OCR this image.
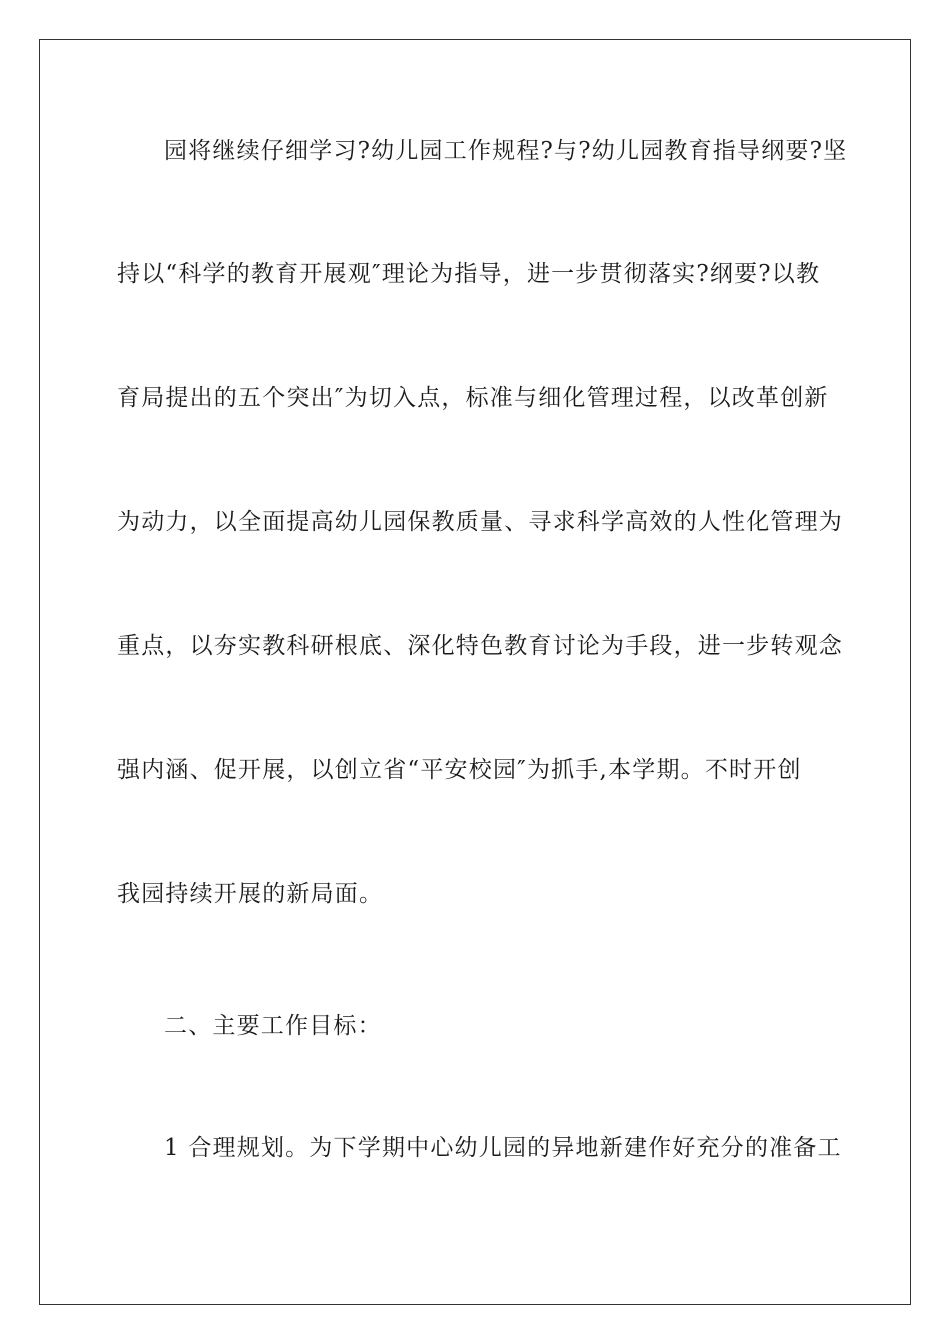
园将继续仔细学习?幼儿园工作规程?与?幼儿园教育指导纲要?坚
持以“科学的教育开展观″理论为指导，进一步贯彻落实?纲要?以教
育局提出的五个突出″为切入点，标准与细化管理过程，以改革创新
为动力，以全面提高幼儿园保教质量、寻求科学高效的人性化管理为
重点，以夯实教科研根底、深化特色教育讨论为手段，进一步转观念
强内涵、促开展，以创立省“平安校园″为抓手,本学期。不时开创
我园持续开展的新局面。
二、主要工作目标：
1 合理规划。为下学期中心幼儿园的异地新建作好充分的准备工
